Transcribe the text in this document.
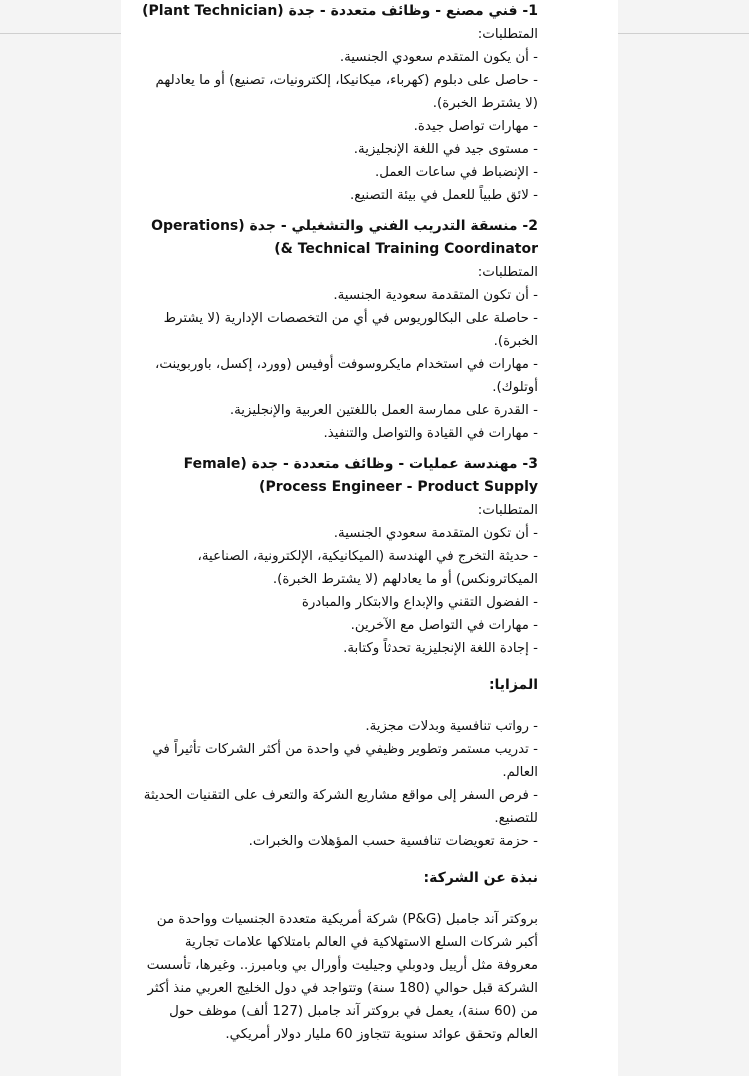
1- فني مصنع - وظائف متعددة - جدة (Plant Technician)
المتطلبات:
- أن يكون المتقدم سعودي الجنسية.
- حاصل على دبلوم (كهرباء، ميكانيكا، إلكترونيات، تصنيع) أو ما يعادلهم (لا يشترط الخبرة).
- مهارات تواصل جيدة.
- مستوى جيد في اللغة الإنجليزية.
- الإنضباط في ساعات العمل.
- لائق طبياً للعمل في بيئة التصنيع.
2- منسقة التدريب الفني والتشغيلي - جدة (Operations & Technical Training Coordinator)
المتطلبات:
- أن تكون المتقدمة سعودية الجنسية.
- حاصلة على البكالوريوس في أي من التخصصات الإدارية (لا يشترط الخبرة).
- مهارات في استخدام مايكروسوفت أوفيس (وورد، إكسل، باوربوينت، أوتلوك).
- القدرة على ممارسة العمل باللغتين العربية والإنجليزية.
- مهارات في القيادة والتواصل والتنفيذ.
3- مهندسة عمليات - وظائف متعددة - جدة (Female Process Engineer - Product Supply)
المتطلبات:
- أن تكون المتقدمة سعودي الجنسية.
- حديثة التخرج في الهندسة (الميكانيكية، الإلكترونية، الصناعية، الميكاترونكس) أو ما يعادلهم (لا يشترط الخبرة).
- الفضول التقني والإبداع والابتكار والمبادرة
- مهارات في التواصل مع الآخرين.
- إجادة اللغة الإنجليزية تحدثاً وكتابة.
المزايا:
- رواتب تنافسية وبدلات مجزية.
- تدريب مستمر وتطوير وظيفي في واحدة من أكثر الشركات تأثيراً في العالم.
- فرص السفر إلى مواقع مشاريع الشركة والتعرف على التقنيات الحديثة للتصنيع.
- حزمة تعويضات تنافسية حسب المؤهلات والخبرات.
نبذة عن الشركة:

بروكتر آند جامبل (P&G) شركة أمريكية متعددة الجنسيات وواحدة من أكبر شركات السلع الاستهلاكية في العالم بامتلاكها علامات تجارية معروفة مثل أرييل ودوبلي وجيليت وأورال بي وبامبرز.. وغيرها، تأسست الشركة قبل حوالي (180 سنة) وتتواجد في دول الخليج العربي منذ أكثر من (60 سنة)، يعمل في بروكتر آند جامبل (127 ألف) موظف حول العالم وتحقق عوائد سنوية تتجاوز 60 مليار دولار أمريكي.
